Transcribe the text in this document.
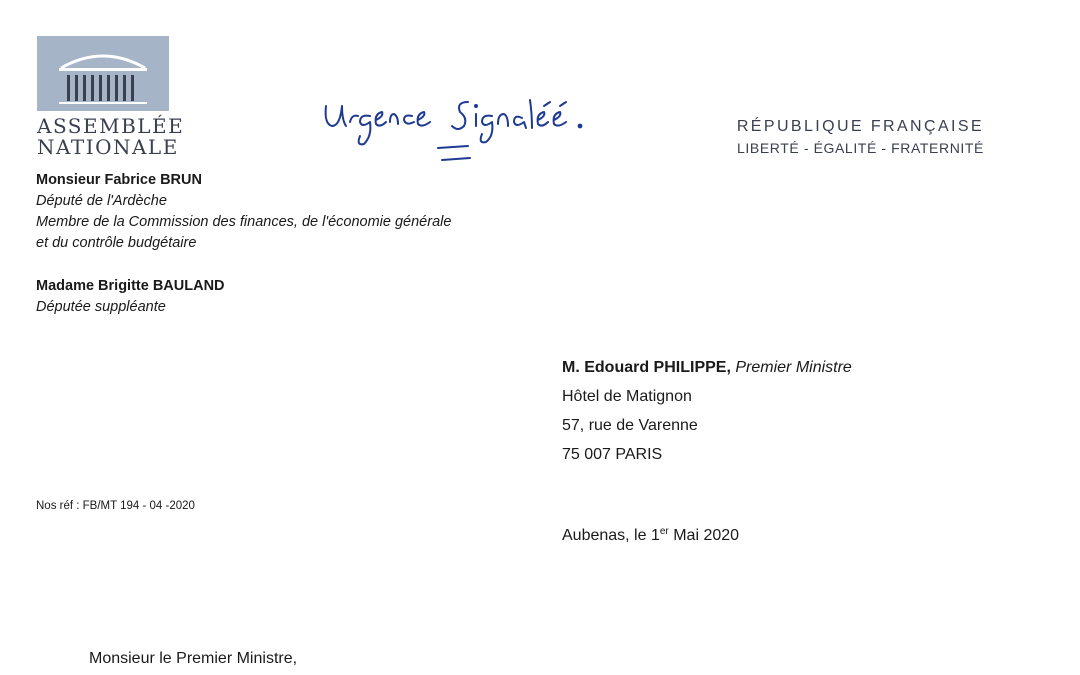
ASSEMBLÉE
NATIONALE
RÉPUBLIQUE FRANÇAISE
LIBERTÉ - ÉGALITÉ - FRATERNITÉ
Monsieur Fabrice BRUN
Député de l'Ardèche
Membre de la Commission des finances, de l'économie générale
et du contrôle budgétaire
Madame Brigitte BAULAND
Députée suppléante
M. Edouard PHILIPPE, Premier Ministre
Hôtel de Matignon
57, rue de Varenne
75 007 PARIS
Nos réf : FB/MT 194 - 04 -2020
Aubenas, le 1er Mai 2020
Monsieur le Premier Ministre,
